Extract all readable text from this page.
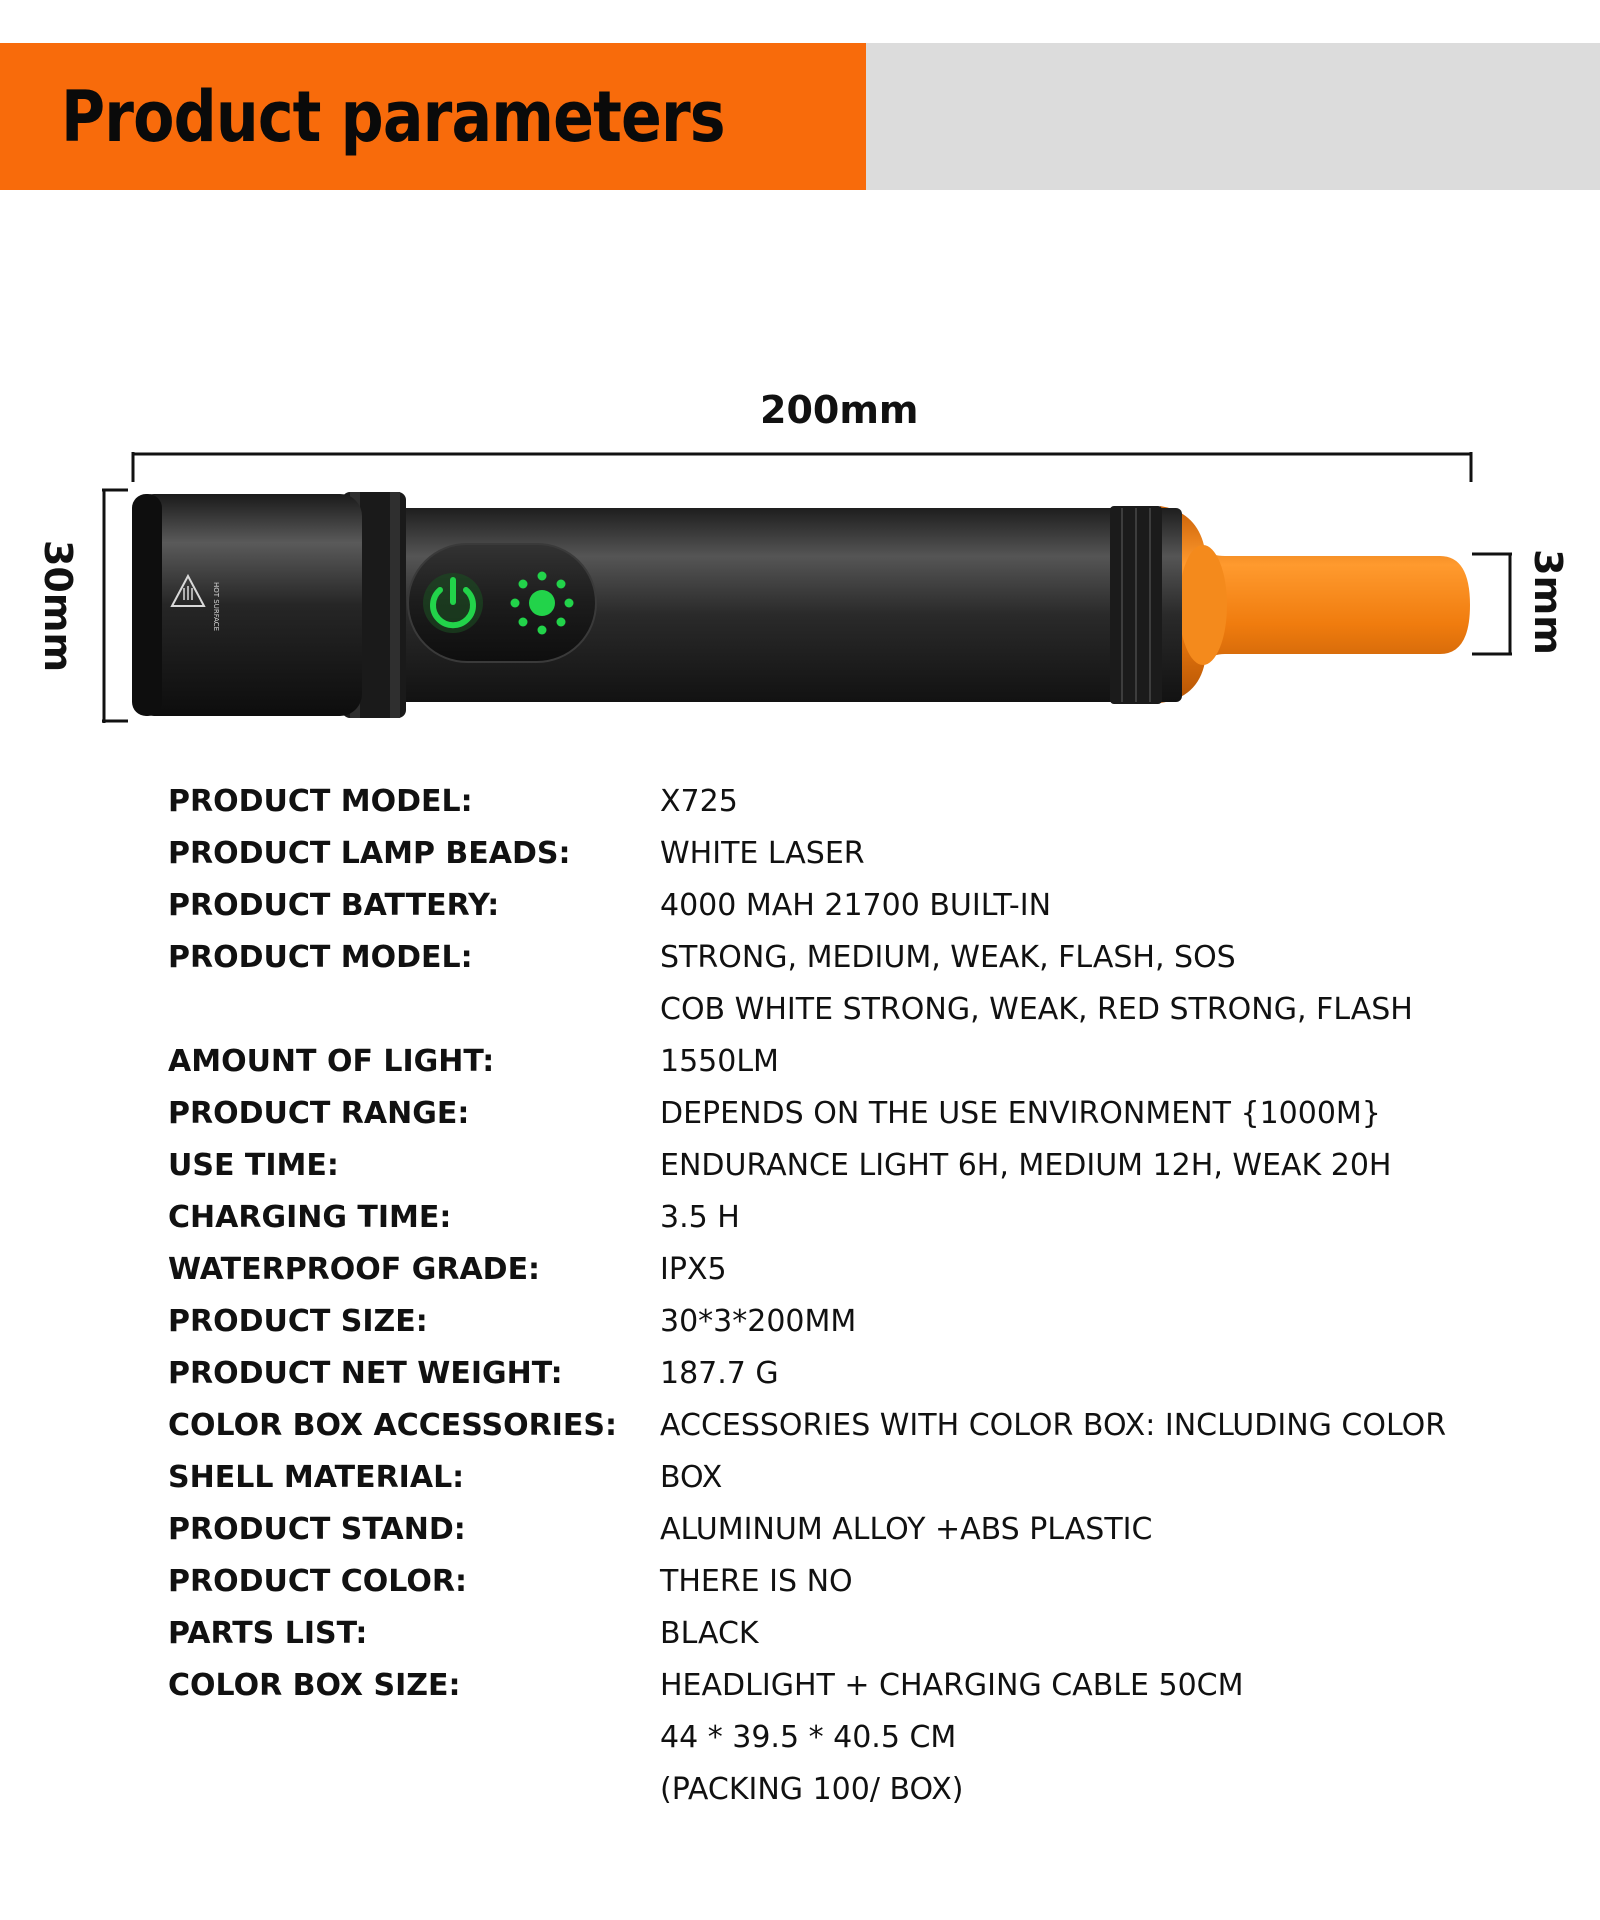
Product parameters
200mm
30mm	3mm
HOT SURFACE
PRODUCT MODEL:	X725
PRODUCT LAMP BEADS:	WHITE LASER
PRODUCT BATTERY:	4000 MAH 21700 BUILT-IN
PRODUCT MODEL:	STRONG, MEDIUM, WEAK, FLASH, SOS
COB WHITE STRONG, WEAK, RED STRONG, FLASH
AMOUNT OF LIGHT:	1550LM
PRODUCT RANGE:	DEPENDS ON THE USE ENVIRONMENT {1000M}
USE TIME:	ENDURANCE LIGHT 6H, MEDIUM 12H, WEAK 20H
CHARGING TIME:	3.5 H
WATERPROOF GRADE:	IPX5
PRODUCT SIZE:	30*3*200MM
PRODUCT NET WEIGHT:	187.7 G
COLOR BOX ACCESSORIES:	ACCESSORIES WITH COLOR BOX: INCLUDING COLOR
SHELL MATERIAL:	BOX
PRODUCT STAND:	ALUMINUM ALLOY +ABS PLASTIC
PRODUCT COLOR:	THERE IS NO
PARTS LIST:	BLACK
COLOR BOX SIZE:	HEADLIGHT + CHARGING CABLE 50CM
44 * 39.5 * 40.5 CM
(PACKING 100/ BOX)
